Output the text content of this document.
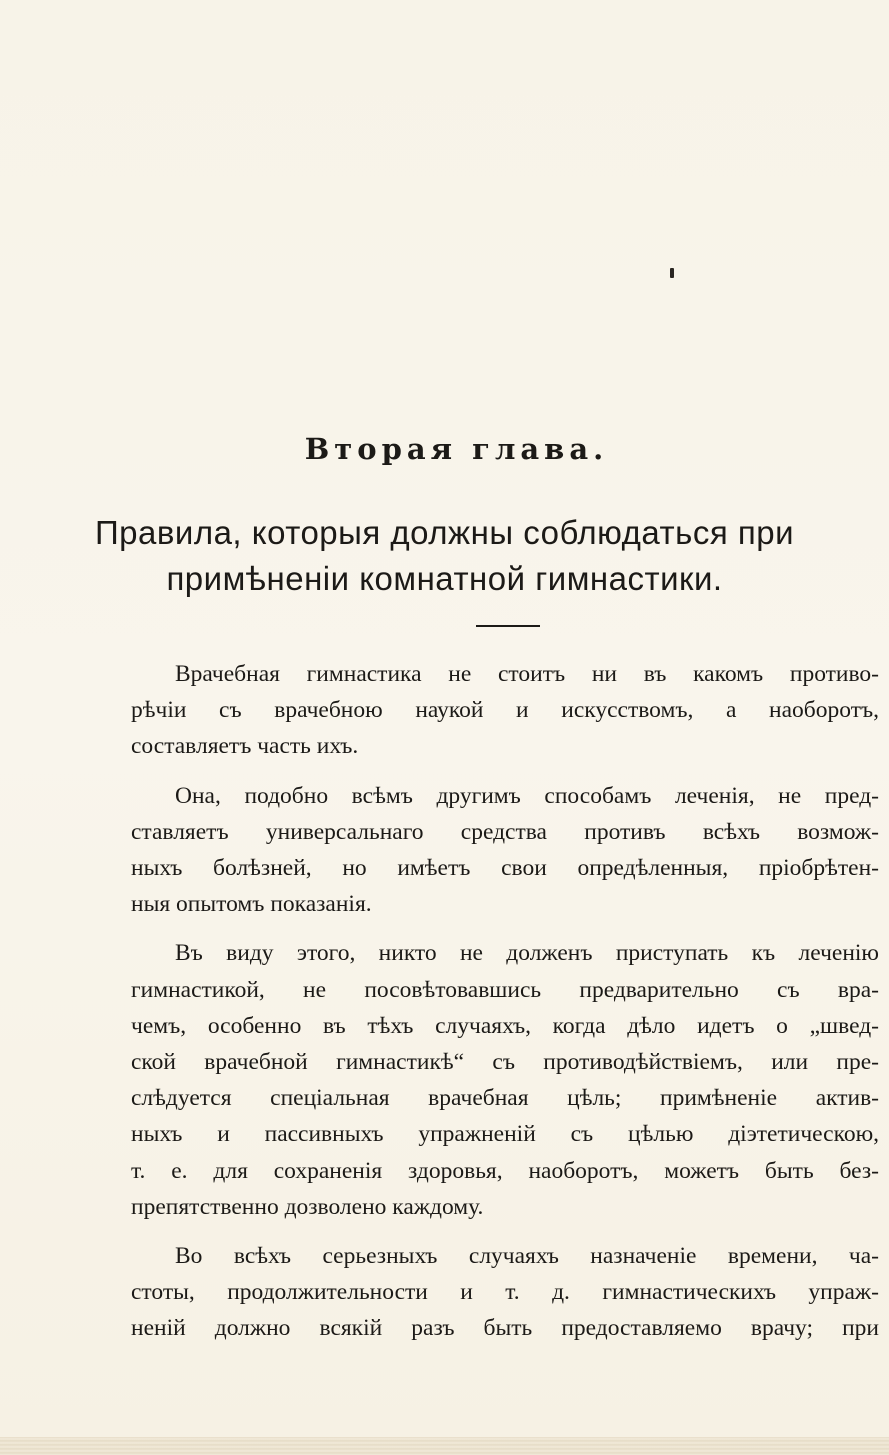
Вторая глава.
Правила, которыя должны соблюдаться при
примѣненіи комнатной гимнастики.
Врачебная гимнастика не стоитъ ни въ какомъ противо-
рѣчіи съ врачебною наукой и искусствомъ, а наоборотъ,
составляетъ часть ихъ.
Она, подобно всѣмъ другимъ способамъ леченія, не пред-
ставляетъ универсальнаго средства противъ всѣхъ возмож-
ныхъ болѣзней, но имѣетъ свои опредѣленныя, пріобрѣтен-
ныя опытомъ показанія.
Въ виду этого, никто не долженъ приступать къ леченію
гимнастикой, не посовѣтовавшись предварительно съ вра-
чемъ, особенно въ тѣхъ случаяхъ, когда дѣло идетъ о „швед-
ской врачебной гимнастикѣ“ съ противодѣйствіемъ, или пре-
слѣдуется спеціальная врачебная цѣль; примѣненіе актив-
ныхъ и пассивныхъ упражненій съ цѣлью діэтетическою,
т. е. для сохраненія здоровья, наоборотъ, можетъ быть без-
препятственно дозволено каждому.
Во всѣхъ серьезныхъ случаяхъ назначеніе времени, ча-
стоты, продолжительности и т. д. гимнастическихъ упраж-
неній должно всякій разъ быть предоставляемо врачу; при
